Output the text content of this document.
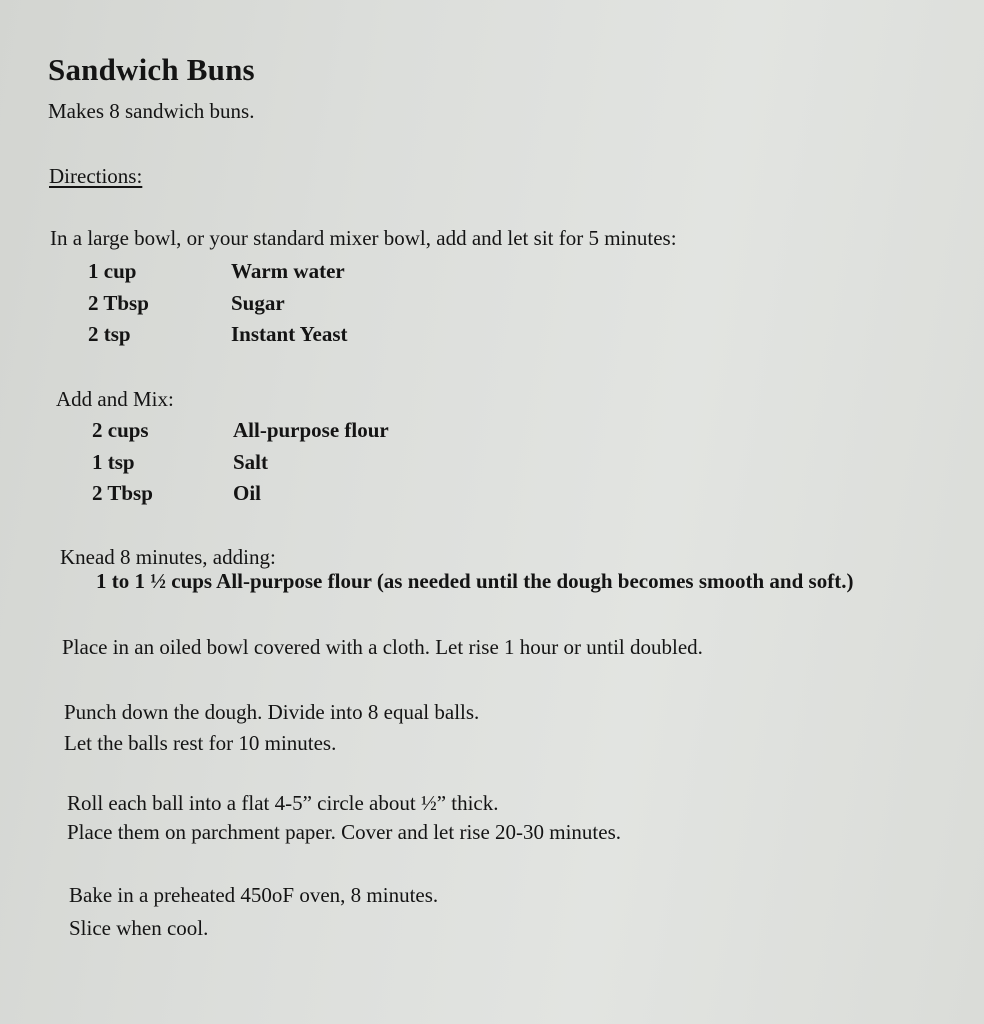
Sandwich Buns
Makes 8 sandwich buns.
Directions:
In a large bowl, or your standard mixer bowl, add and let sit for 5 minutes:
1 cup	Warm water
2 Tbsp	Sugar
2 tsp	Instant Yeast
Add and Mix:
2 cups	All-purpose flour
1 tsp	Salt
2 Tbsp	Oil
Knead 8 minutes, adding:
1 to 1 ½ cups All-purpose flour (as needed until the dough becomes smooth and soft.)
Place in an oiled bowl covered with a cloth. Let rise 1 hour or until doubled.
Punch down the dough. Divide into 8 equal balls.
Let the balls rest for 10 minutes.
Roll each ball into a flat 4-5” circle about ½” thick.
Place them on parchment paper. Cover and let rise 20-30 minutes.
Bake in a preheated 450oF oven, 8 minutes.
Slice when cool.
